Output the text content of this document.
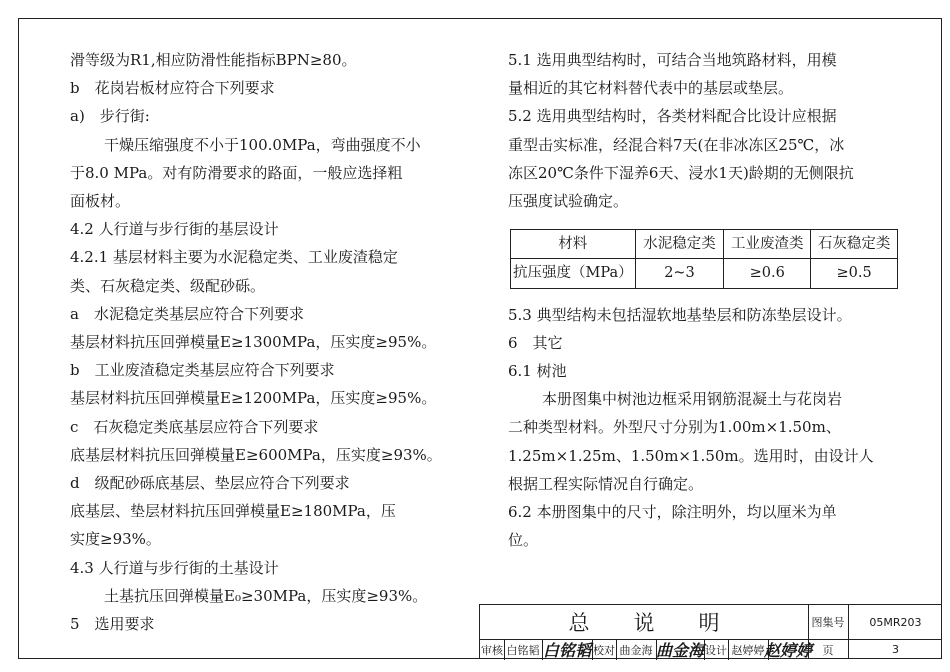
滑等级为R1,相应防滑性能指标BPN≥80。
b　花岗岩板材应符合下列要求
a)　步行街:
干燥压缩强度不小于100.0MPa，弯曲强度不小
于8.0 MPa。对有防滑要求的路面，一般应选择粗
面板材。
4.2 人行道与步行街的基层设计
4.2.1 基层材料主要为水泥稳定类、工业废渣稳定
类、石灰稳定类、级配砂砾。
a　水泥稳定类基层应符合下列要求
基层材料抗压回弹模量E≥1300MPa，压实度≥95%。
b　工业废渣稳定类基层应符合下列要求
基层材料抗压回弹模量E≥1200MPa，压实度≥95%。
c　石灰稳定类底基层应符合下列要求
底基层材料抗压回弹模量E≥600MPa，压实度≥93%。
d　级配砂砾底基层、垫层应符合下列要求
底基层、垫层材料抗压回弹模量E≥180MPa，压
实度≥93%。
4.3 人行道与步行街的土基设计
土基抗压回弹模量E₀≥30MPa，压实度≥93%。
5　选用要求
5.1 选用典型结构时，可结合当地筑路材料，用模
量相近的其它材料替代表中的基层或垫层。
5.2 选用典型结构时，各类材料配合比设计应根据
重型击实标准，经混合料7天(在非冰冻区25℃，冰
冻区20℃条件下湿养6天、浸水1天)龄期的无侧限抗
压强度试验确定。
材料	水泥稳定类	工业废渣类	石灰稳定类
抗压强度（MPa）	2~3	≥0.6	≥0.5
5.3 典型结构未包括湿软地基垫层和防冻垫层设计。
6　其它
6.1 树池
本册图集中树池边框采用钢筋混凝土与花岗岩
二种类型材料。外型尺寸分别为1.00m×1.50m、
1.25m×1.25m、1.50m×1.50m。选用时，由设计人
根据工程实际情况自行确定。
6.2 本册图集中的尺寸，除注明外，均以厘米为单
位。
总说明	图集号	05MR203
审核 白铭韬 白铭韬 校对 曲金海 曲金海 设计 赵婷婷 赵婷婷 页	3
